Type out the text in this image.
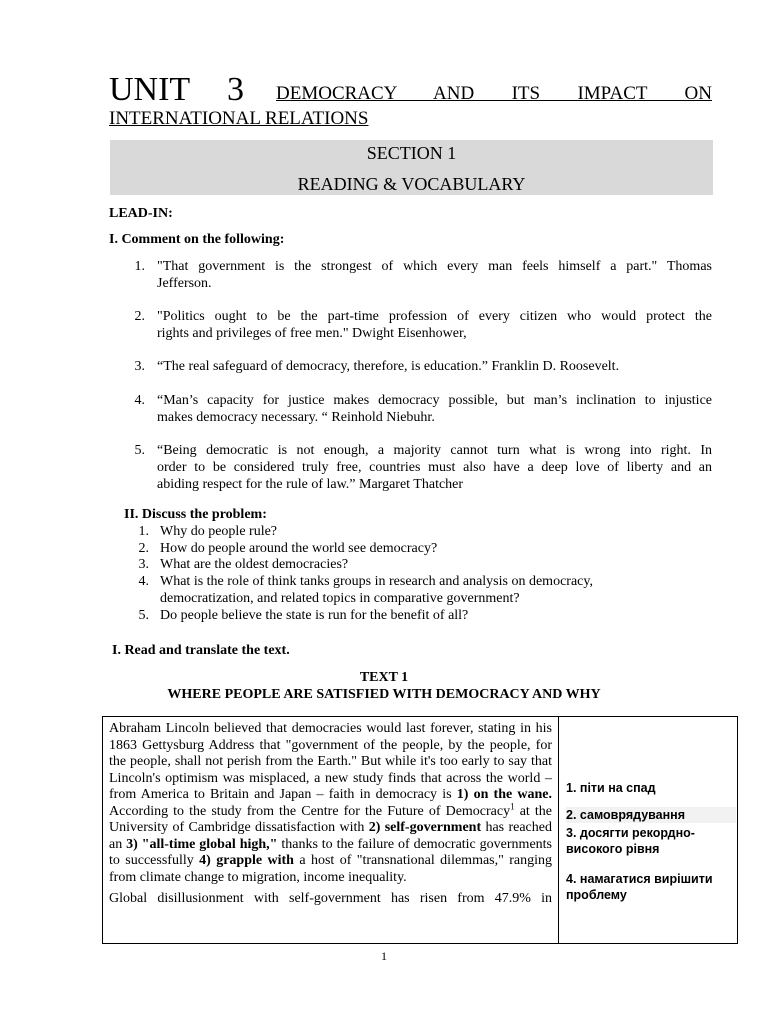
UNIT 3 DEMOCRACY AND ITS IMPACT ON
INTERNATIONAL RELATIONS
SECTION 1
READING & VOCABULARY
LEAD-IN:
I. Comment on the following:
1. "That government is the strongest of which every man feels himself a part." Thomas
Jefferson.
2. "Politics ought to be the part-time profession of every citizen who would protect the
rights and privileges of free men." Dwight Eisenhower,
3. “The real safeguard of democracy, therefore, is education.” Franklin D. Roosevelt.
4. “Man’s capacity for justice makes democracy possible, but man’s inclination to injustice
makes democracy necessary. “ Reinhold Niebuhr.
5. “Being democratic is not enough, a majority cannot turn what is wrong into right. In
order to be considered truly free, countries must also have a deep love of liberty and an
abiding respect for the rule of law.” Margaret Thatcher
II. Discuss the problem:
1. Why do people rule?
2. How do people around the world see democracy?
3. What are the oldest democracies?
4. What is the role of think tanks groups in research and analysis on democracy,
democratization, and related topics in comparative government?
5. Do people believe the state is run for the benefit of all?
I. Read and translate the text.
TEXT 1
WHERE PEOPLE ARE SATISFIED WITH DEMOCRACY AND WHY

Abraham Lincoln believed that democracies would last forever, stating in his 1863 Gettysburg Address that "government of the people, by the people, for the people, shall not perish from the Earth." But while it's too early to say that Lincoln's optimism was misplaced, a new study finds that across the world – from America to Britain and Japan – faith in democracy is 1) on the wane. According to the study from the Centre for the Future of Democracy$^1$ at the University of Cambridge dissatisfaction with 2) self-government has reached an 3) "all-time global high," thanks to the failure of democratic governments to successfully 4) grapple with a host of "transnational dilemmas," ranging from climate change to migration, income inequality.

Global disillusionment with self-government has risen from 47.9% in

1. піти на спад
2. самоврядування
3. досягти рекордно-високого рівня
4. намагатися вирішити проблему
1
